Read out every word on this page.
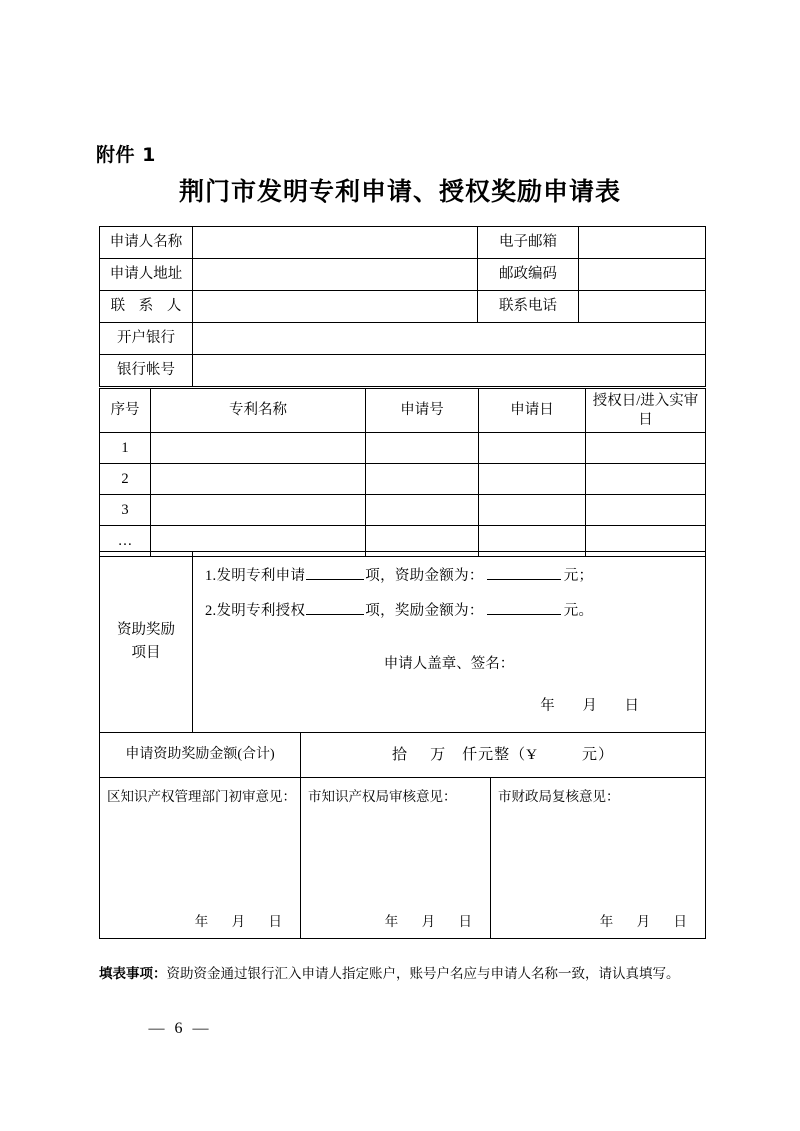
附件 1
荆门市发明专利申请、授权奖励申请表
申请人名称		电子邮箱	
申请人地址		邮政编码	
联 系 人		联系电话	
开户银行			
银行帐号			
序号	专利名称	申请号	申请日	授权日/进入实审日
1				
2				
3				
…				
资助奖励
项目	
1.发明专利申请	项，资助金额为：	元；
2.发明专利授权	项，奖励金额为：	元。
申请人盖章、签名：
年 月 日

申请资助奖励金额(合计)		拾 万 仟元整（Ұ 元）	

区知识产权管理部门初审意见：
年 月 日

市知识产权局审核意见：
年 月 日

市财政局复核意见：
年 月 日
填表事项：资助资金通过银行汇入申请人指定账户，账号户名应与申请人名称一致，请认真填写。
— 6 —
